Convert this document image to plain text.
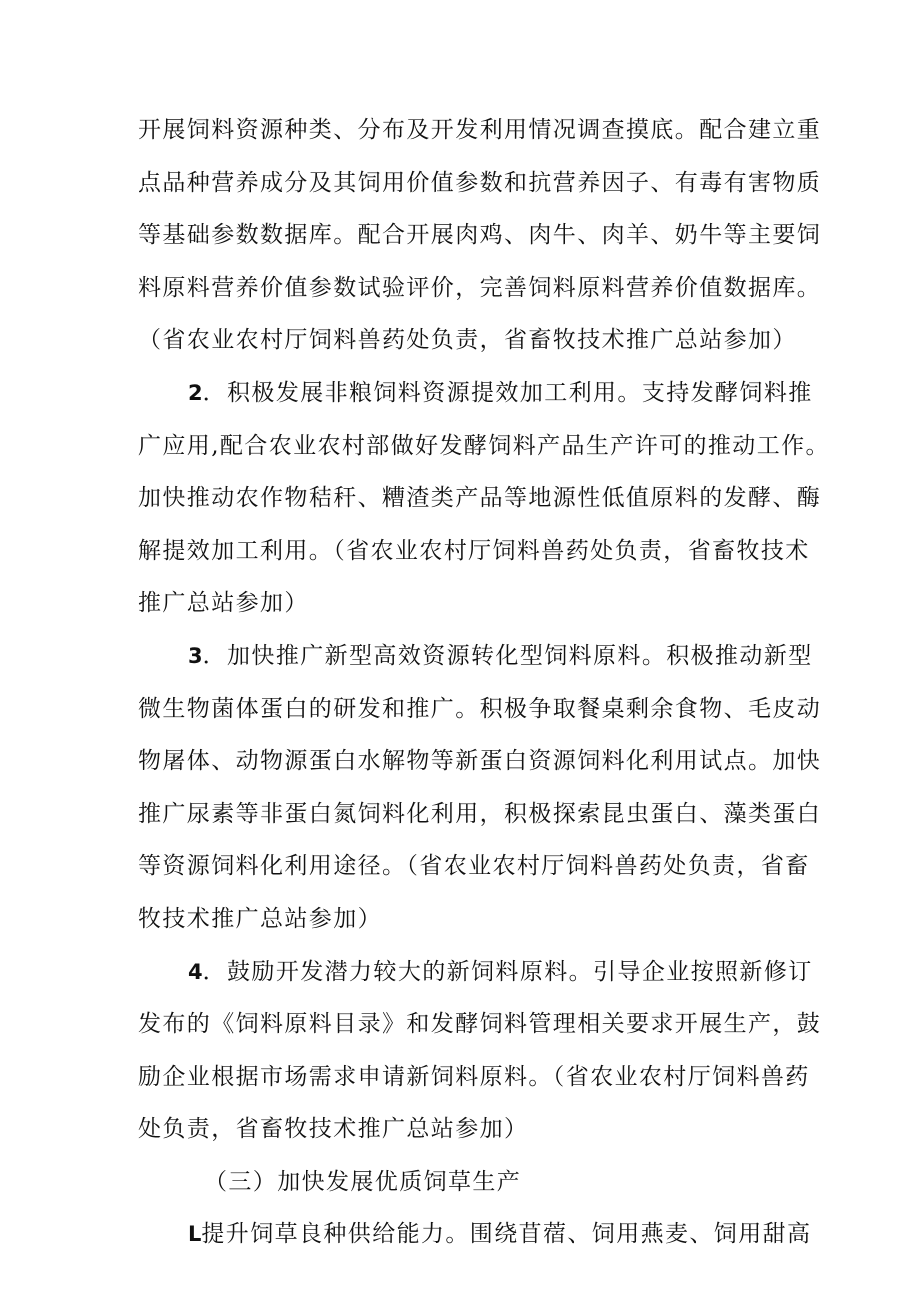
开展饲料资源种类、分布及开发利用情况调查摸底。配合建立重
点品种营养成分及其饲用价值参数和抗营养因子、有毒有害物质
等基础参数数据库。配合开展肉鸡、肉牛、肉羊、奶牛等主要饲
料原料营养价值参数试验评价，完善饲料原料营养价值数据库。
（省农业农村厅饲料兽药处负责，省畜牧技术推广总站参加）
2．积极发展非粮饲料资源提效加工利用。支持发酵饲料推
广应用,配合农业农村部做好发酵饲料产品生产许可的推动工作。
加快推动农作物秸秆、糟渣类产品等地源性低值原料的发酵、酶
解提效加工利用。（省农业农村厅饲料兽药处负责，省畜牧技术
推广总站参加）
3．加快推广新型高效资源转化型饲料原料。积极推动新型
微生物菌体蛋白的研发和推广。积极争取餐桌剩余食物、毛皮动
物屠体、动物源蛋白水解物等新蛋白资源饲料化利用试点。加快
推广尿素等非蛋白氮饲料化利用，积极探索昆虫蛋白、藻类蛋白
等资源饲料化利用途径。（省农业农村厅饲料兽药处负责，省畜
牧技术推广总站参加）
4．鼓励开发潜力较大的新饲料原料。引导企业按照新修订
发布的《饲料原料目录》和发酵饲料管理相关要求开展生产，鼓
励企业根据市场需求申请新饲料原料。（省农业农村厅饲料兽药
处负责，省畜牧技术推广总站参加）
（三）加快发展优质饲草生产
L提升饲草良种供给能力。围绕苜蓿、饲用燕麦、饲用甜高
